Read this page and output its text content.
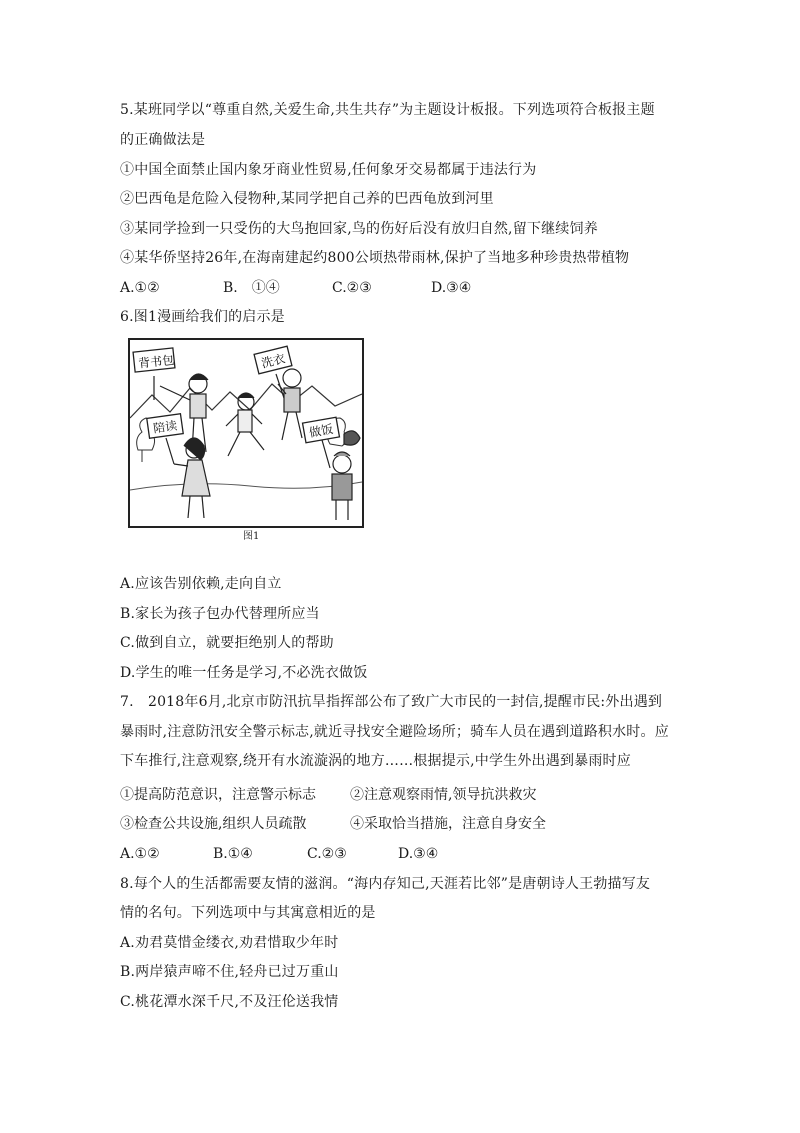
5.某班同学以“尊重自然,关爱生命,共生共存”为主题设计板报。下列选项符合板报主题
的正确做法是
①中国全面禁止国内象牙商业性贸易,任何象牙交易都属于违法行为
②巴西龟是危险入侵物种,某同学把自己养的巴西龟放到河里
③某同学捡到一只受伤的大鸟抱回家,鸟的伤好后没有放归自然,留下继续饲养
④某华侨坚持26年,在海南建起约800公顷热带雨林,保护了当地多种珍贵热带植物
A.①②	B.　①④	C.②③	D.③④
6.图1漫画给我们的启示是
背书包	洗衣
陪读	做饭
图1
A.应该告别依赖,走向自立
B.家长为孩子包办代替理所应当
C.做到自立，就要拒绝别人的帮助
D.学生的唯一任务是学习,不必洗衣做饭
7.　2018年6月,北京市防汛抗旱指挥部公布了致广大市民的一封信,提醒市民:外出遇到
暴雨时,注意防汛安全警示标志,就近寻找安全避险场所；骑车人员在遇到道路积水时。应
下车推行,注意观察,绕开有水流漩涡的地方……根据提示,中学生外出遇到暴雨时应
①提高防范意识，注意警示标志 ②注意观察雨情,领导抗洪救灾
③检查公共设施,组织人员疏散	④采取恰当措施，注意自身安全
A.①②	B.①④	C.②③	D.③④
8.每个人的生活都需要友情的滋润。“海内存知己,天涯若比邻”是唐朝诗人王勃描写友
情的名句。下列选项中与其寓意相近的是
A.劝君莫惜金缕衣,劝君惜取少年时
B.两岸猿声啼不住,轻舟已过万重山
C.桃花潭水深千尺,不及汪伦送我情
